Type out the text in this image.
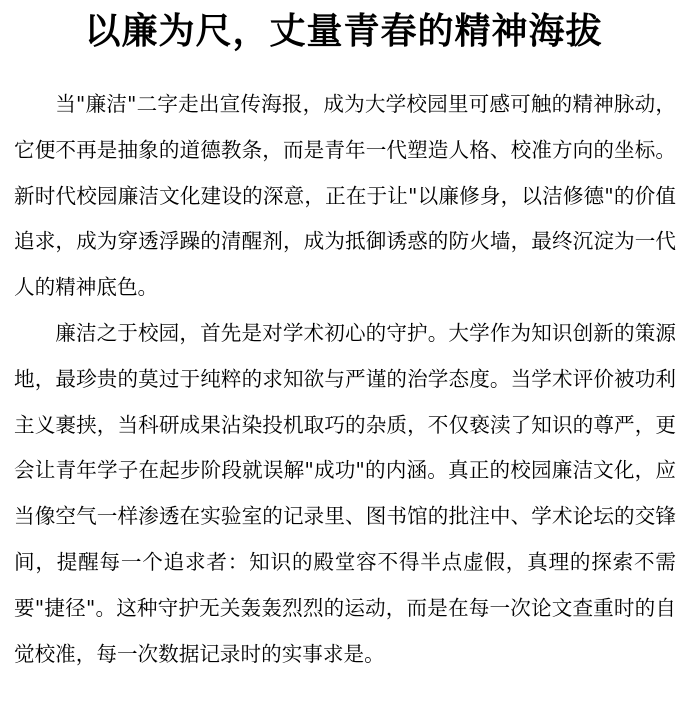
以廉为尺，丈量青春的精神海拔

当"廉洁"二字走出宣传海报，成为大学校园里可感可触的精神脉动，它便不再是抽象的道德教条，而是青年一代塑造人格、校准方向的坐标。新时代校园廉洁文化建设的深意，正在于让"以廉修身，以洁修德"的价值追求，成为穿透浮躁的清醒剂，成为抵御诱惑的防火墙，最终沉淀为一代人的精神底色。

廉洁之于校园，首先是对学术初心的守护。大学作为知识创新的策源地，最珍贵的莫过于纯粹的求知欲与严谨的治学态度。当学术评价被功利主义裹挟，当科研成果沾染投机取巧的杂质，不仅亵渎了知识的尊严，更会让青年学子在起步阶段就误解"成功"的内涵。真正的校园廉洁文化，应当像空气一样渗透在实验室的记录里、图书馆的批注中、学术论坛的交锋间，提醒每一个追求者：知识的殿堂容不得半点虚假，真理的探索不需要"捷径"。这种守护无关轰轰烈烈的运动，而是在每一次论文查重时的自觉校准，每一次数据记录时的实事求是。
